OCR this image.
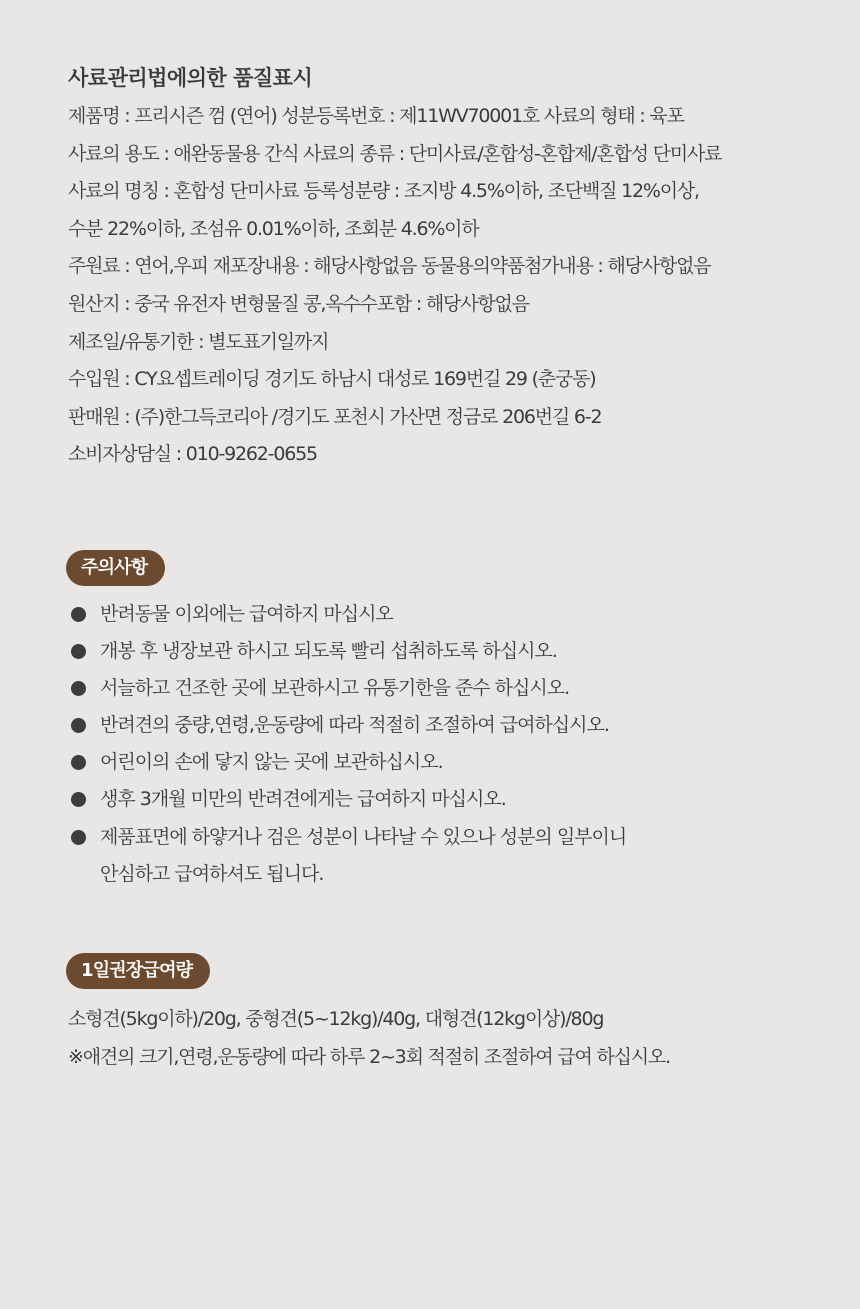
사료관리법에의한 품질표시
제품명 : 프리시즌 껌 (연어) 성분등록번호 : 제11WV70001호 사료의 형태 : 육포
사료의 용도 : 애완동물용 간식 사료의 종류 : 단미사료/혼합성-혼합제/혼합성 단미사료
사료의 명칭 : 혼합성 단미사료 등록성분량 : 조지방 4.5%이하, 조단백질 12%이상,
수분 22%이하, 조섬유 0.01%이하, 조회분 4.6%이하
주원료 : 연어,우피 재포장내용 : 해당사항없음 동물용의약품첨가내용 : 해당사항없음
원산지 : 중국 유전자 변형물질 콩,옥수수포함 : 해당사항없음
제조일/유통기한 : 별도표기일까지
수입원 : CY요셉트레이딩 경기도 하남시 대성로 169번길 29 (춘궁동)
판매원 : (주)한그득코리아 /경기도 포천시 가산면 정금로 206번길 6-2
소비자상담실 : 010-9262-0655
주의사항
반려동물 이외에는 급여하지 마십시오
개봉 후 냉장보관 하시고 되도록 빨리 섭취하도록 하십시오.
서늘하고 건조한 곳에 보관하시고 유통기한을 준수 하십시오.
반려견의 중량,연령,운동량에 따라 적절히 조절하여 급여하십시오.
어린이의 손에 닿지 않는 곳에 보관하십시오.
생후 3개월 미만의 반려견에게는 급여하지 마십시오.
제품표면에 하얗거나 검은 성분이 나타날 수 있으나 성분의 일부이니
안심하고 급여하셔도 됩니다.
1일권장급여량
소형견(5kg이하)/20g, 중형견(5~12kg)/40g, 대형견(12kg이상)/80g
※애견의 크기,연령,운동량에 따라 하루 2~3회 적절히 조절하여 급여 하십시오.
